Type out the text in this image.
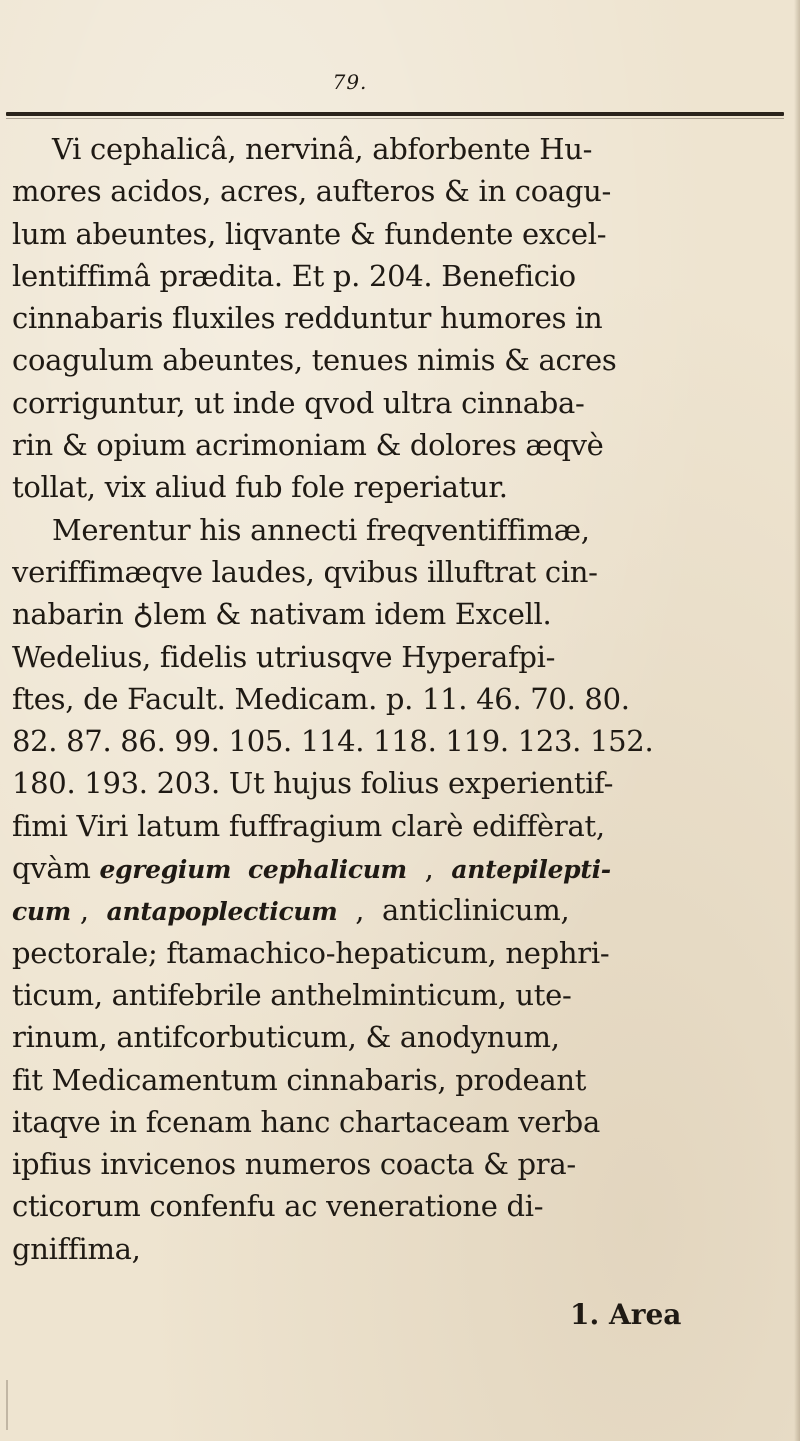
79.
Vi cephalicâ, nervinâ, abforbente Hu-
mores acidos, acres, aufteros & in coagu-
lum abeuntes, liqvante & fundente excel-
lentiffimâ prædita. Et p. 204. Beneficio
cinnabaris fluxiles redduntur humores in
coagulum abeuntes, tenues nimis & acres
corriguntur, ut inde qvod ultra cinnaba-
rin & opium acrimoniam & dolores æqvè
tollat, vix aliud fub fole reperiatur.
Merentur his annecti freqventiffimæ,
veriffimæqve laudes, qvibus illuftrat cin-
nabarin ♁lem & nativam idem Excell.
Wedelius, fidelis utriusqve Hyperafpi-
ftes, de Facult. Medicam. p. 11. 46. 70. 80.
82. 87. 86. 99. 105. 114. 118. 119. 123. 152.
180. 193. 203. Ut hujus folius experientif-
fimi Viri latum fuffragium clarè ediffèrat,
qvàm egregium  cephalicum  ,  antepilepti-
cum ,  antapoplecticum  ,  anticlinicum,
pectorale; ftamachico-hepaticum, nephri-
ticum, antifebrile anthelminticum, ute-
rinum, antifcorbuticum, & anodynum,
fit Medicamentum cinnabaris, prodeant
itaqve in fcenam hanc chartaceam verba
ipfius invicenos numeros coacta & pra-
cticorum confenfu ac veneratione di-
gniffima,
1. Area
